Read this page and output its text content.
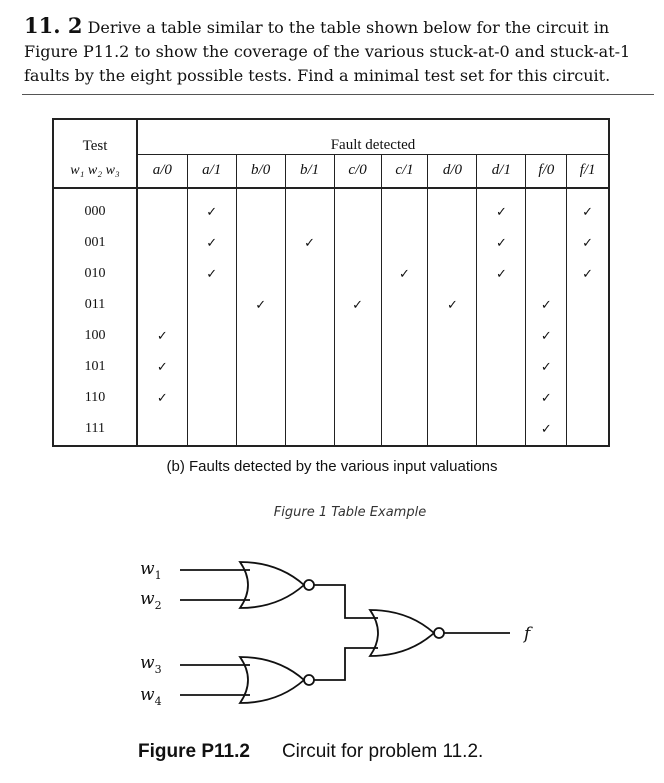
11. 2 Derive a table similar to the table shown below for the circuit in Figure P11.2 to show the coverage of the various stuck-at-0 and stuck-at-1 faults by the eight possible tests. Find a minimal test set for this circuit.
Test	Fault detected									
w₁ w₂ w₃	a/0	a/1	b/0	b/1	c/0	c/1	d/0	d/1	f/0	f/1
000		✓						✓		✓
001		✓		✓				✓		✓
010		✓				✓		✓		✓
011			✓		✓		✓		✓	
100	✓								✓	
101	✓								✓	
110	✓								✓	
111									✓	
(b) Faults detected by the various input valuations
Figure 1 Table Example
$w_1$
$w_2$
$w_3$
$w_4$
f
Figure P11.2 Circuit for problem 11.2.
